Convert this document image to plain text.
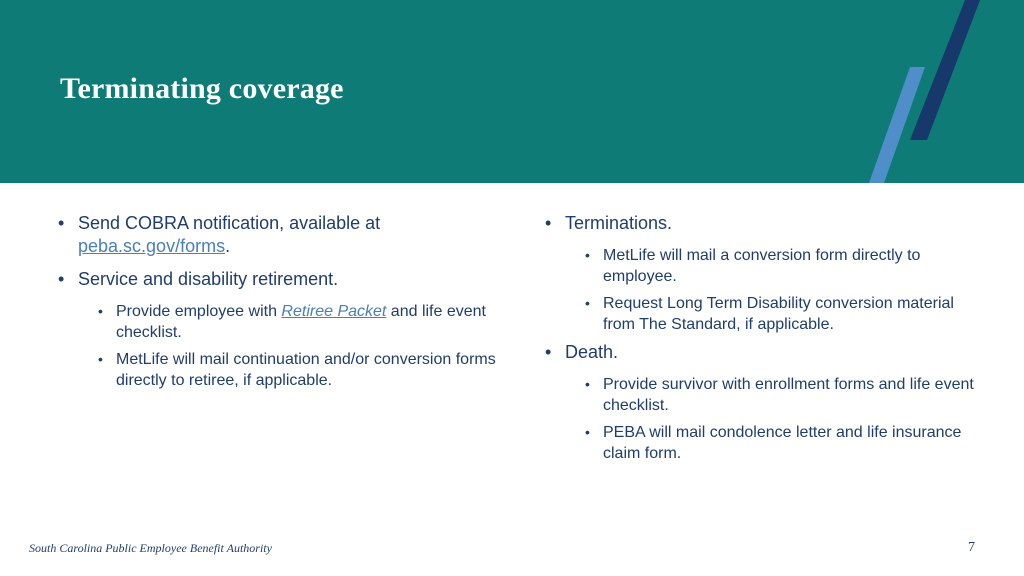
Terminating coverage
• Send COBRA notification, available at peba.sc.gov/forms.
• Service and disability retirement.
• Provide employee with Retiree Packet and life event checklist.
• MetLife will mail continuation and/or conversion forms directly to retiree, if applicable.
• Terminations.
• MetLife will mail a conversion form directly to employee.
• Request Long Term Disability conversion material from The Standard, if applicable.
• Death.
• Provide survivor with enrollment forms and life event checklist.
• PEBA will mail condolence letter and life insurance claim form.
South Carolina Public Employee Benefit Authority	7
